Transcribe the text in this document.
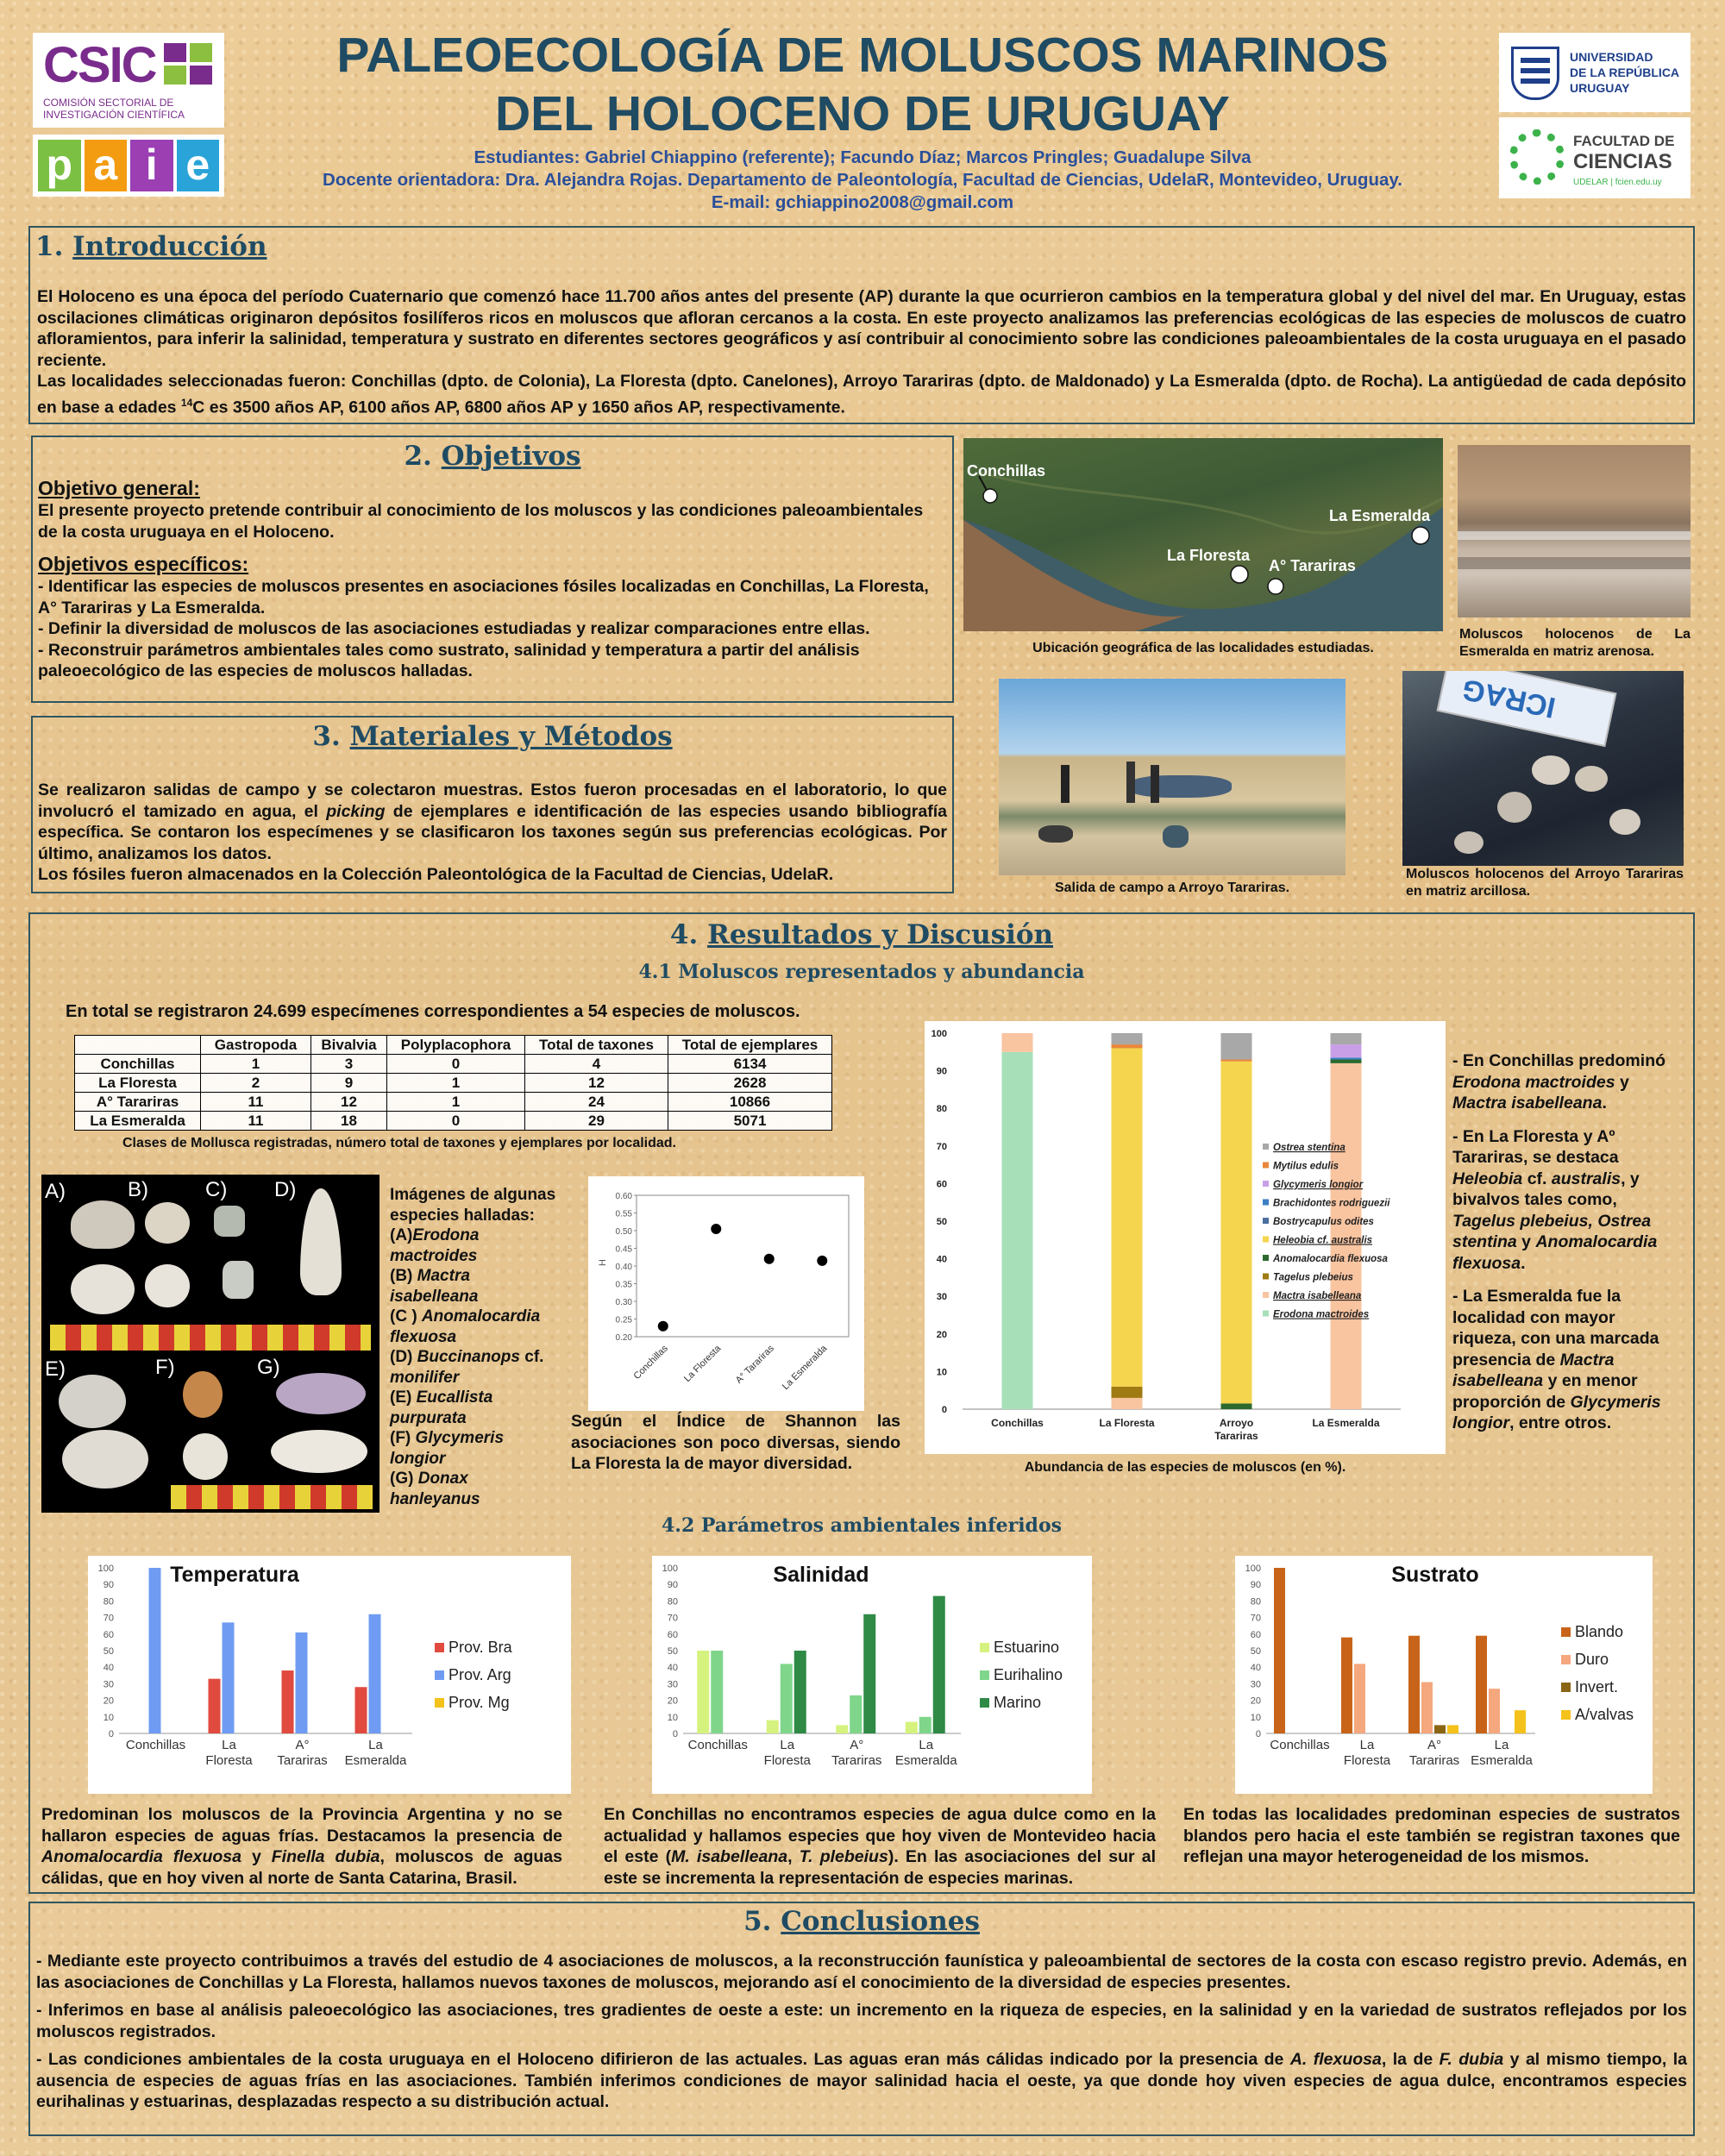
CSIC
COMISIÓN SECTORIAL DE
INVESTIGACIÓN CIENTÍFICA
p a i e
PALEOECOLOGÍA DE MOLUSCOS MARINOS
DEL HOLOCENO DE URUGUAY
Estudiantes: Gabriel Chiappino (referente); Facundo Díaz; Marcos Pringles; Guadalupe Silva
Docente orientadora: Dra. Alejandra Rojas. Departamento de Paleontología, Facultad de Ciencias, UdelaR, Montevideo, Uruguay.
E-mail: gchiappino2008@gmail.com
UNIVERSIDAD
DE LA REPÚBLICA
URUGUAY
FACULTAD DE
CIENCIAS
UDELAR | fcien.edu.uy
1. Introducción
El Holoceno es una época del período Cuaternario que comenzó hace 11.700 años antes del presente (AP) durante la que ocurrieron cambios en la temperatura global y del nivel del mar. En Uruguay, estas oscilaciones climáticas originaron depósitos fosilíferos ricos en moluscos que afloran cercanos a la costa. En este proyecto analizamos las preferencias ecológicas de las especies de moluscos de cuatro afloramientos, para inferir la salinidad, temperatura y sustrato en diferentes sectores geográficos y así contribuir al conocimiento sobre las condiciones paleoambientales de la costa uruguaya en el pasado reciente.
Las localidades seleccionadas fueron: Conchillas (dpto. de Colonia), La Floresta (dpto. Canelones), Arroyo Tarariras (dpto. de Maldonado) y La Esmeralda (dpto. de Rocha). La antigüedad de cada depósito en base a edades $^{14}$C es 3500 años AP, 6100 años AP, 6800 años AP y 1650 años AP, respectivamente.
2. Objetivos
Objetivo general:
El presente proyecto pretende contribuir al conocimiento de los moluscos y las condiciones paleoambientales de la costa uruguaya en el Holoceno.
Objetivos específicos:
- Identificar las especies de moluscos presentes en asociaciones fósiles localizadas en Conchillas, La Floresta, A° Tarariras y La Esmeralda.
- Definir la diversidad de moluscos de las asociaciones estudiadas y realizar comparaciones entre ellas.
- Reconstruir parámetros ambientales tales como sustrato, salinidad y temperatura a partir del análisis paleoecológico de las especies de moluscos halladas.
3. Materiales y Métodos
Se realizaron salidas de campo y se colectaron muestras. Estos fueron procesadas en el laboratorio, lo que involucró el tamizado en agua, el picking de ejemplares e identificación de las especies usando bibliografía específica. Se contaron los especímenes y se clasificaron los taxones según sus preferencias ecológicas. Por último, analizamos los datos.
Los fósiles fueron almacenados en la Colección Paleontológica de la Facultad de Ciencias, UdelaR.
Conchillas
La Floresta
A° Tarariras
La Esmeralda
Ubicación geográfica de las localidades estudiadas.
Moluscos holocenos de La Esmeralda en matriz arenosa.
Salida de campo a Arroyo Tarariras.
ICRAG
Moluscos holocenos del Arroyo Tarariras en matriz arcillosa.
4. Resultados y Discusión
4.1 Moluscos representados y abundancia
En total se registraron 24.699 especímenes correspondientes a 54 especies de moluscos.
	Gastropoda	Bivalvia	Polyplacophora	Total de taxones	Total de ejemplares
Conchillas	1	3	0	4	6134
La Floresta	2	9	1	12	2628
A° Tarariras	11	12	1	24	10866
La Esmeralda	11	18	0	29	5071
Clases de Mollusca registradas, número total de taxones y ejemplares por localidad.
A)	B)	C) D)
E)	F)	G)
Imágenes de algunas especies halladas:
(A)Erodona mactroides
(B) Mactra isabelleana
(C ) Anomalocardia flexuosa
(D) Buccinanops cf. monilifer
(E) Eucallista purpurata
(F) Glycymeris longior
(G) Donax hanleyanus
0.60
0.55
0.50
0.45
0.40
0.35
0.30
0.25
0.20
H
Conchillas La Floresta A° Tarariras La Esmeralda
Según el Índice de Shannon las asociaciones son poco diversas, siendo La Floresta la de mayor diversidad.
100
90
80
70
60
50
40
30
20
10
0
Conchillas	La Floresta	Arroyo
Tarariras
La Esmeralda
Ostrea stentina
Mytilus edulis
Glycymeris longior
Brachidontes rodriguezii
Bostrycapulus odites
Heleobia cf. australis
Anomalocardia flexuosa
Tagelus plebeius
Mactra isabelleana
Erodona mactroides
Abundancia de las especies de moluscos (en %).
- En Conchillas predominó Erodona mactroides y Mactra isabelleana.
- En La Floresta y Aº Tarariras, se destaca Heleobia cf. australis, y bivalvos tales como, Tagelus plebeius, Ostrea stentina y Anomalocardia flexuosa.
- La Esmeralda fue la localidad con mayor riqueza, con una marcada presencia de Mactra isabelleana y en menor proporción de Glycymeris longior, entre otros.
4.2 Parámetros ambientales inferidos
100
90
80
70
60
50
40
30
20
10
0
Temperatura
Conchillas	La
Floresta
A°
Tarariras
La
Esmeralda
Prov. Bra
Prov. Arg
Prov. Mg
100
90
80
70
60
50
40
30
20
10
0
Salinidad
Conchillas	La
Floresta
A°
Tarariras
La
Esmeralda
Estuarino
Eurihalino
Marino
100
90
80
70
60
50
40
30
20
10
0
Sustrato
Conchillas La
Floresta
A°
Tarariras
La
Esmeralda
Blando
Duro
Invert.
A/valvas
Predominan los moluscos de la Provincia Argentina y no se hallaron especies de aguas frías. Destacamos la presencia de Anomalocardia flexuosa y Finella dubia, moluscos de aguas cálidas, que en hoy viven al norte de Santa Catarina, Brasil.
En Conchillas no encontramos especies de agua dulce como en la actualidad y hallamos especies que hoy viven de Montevideo hacia el este (M. isabelleana, T. plebeius). En las asociaciones del sur al este se incrementa la representación de especies marinas.
En todas las localidades predominan especies de sustratos blandos pero hacia el este también se registran taxones que reflejan una mayor heterogeneidad de los mismos.
5. Conclusiones
- Mediante este proyecto contribuimos a través del estudio de 4 asociaciones de moluscos, a la reconstrucción faunística y paleoambiental de sectores de la costa con escaso registro previo. Además, en las asociaciones de Conchillas y La Floresta, hallamos nuevos taxones de moluscos, mejorando así el conocimiento de la diversidad de especies presentes.
- Inferimos en base al análisis paleoecológico las asociaciones, tres gradientes de oeste a este: un incremento en la riqueza de especies, en la salinidad y en la variedad de sustratos reflejados por los moluscos registrados.
- Las condiciones ambientales de la costa uruguaya en el Holoceno difirieron de las actuales. Las aguas eran más cálidas indicado por la presencia de A. flexuosa, la de F. dubia y al mismo tiempo, la ausencia de especies de aguas frías en las asociaciones. También inferimos condiciones de mayor salinidad hacia el oeste, ya que donde hoy viven especies de agua dulce, encontramos especies eurihalinas y estuarinas, desplazadas respecto a su distribución actual.
